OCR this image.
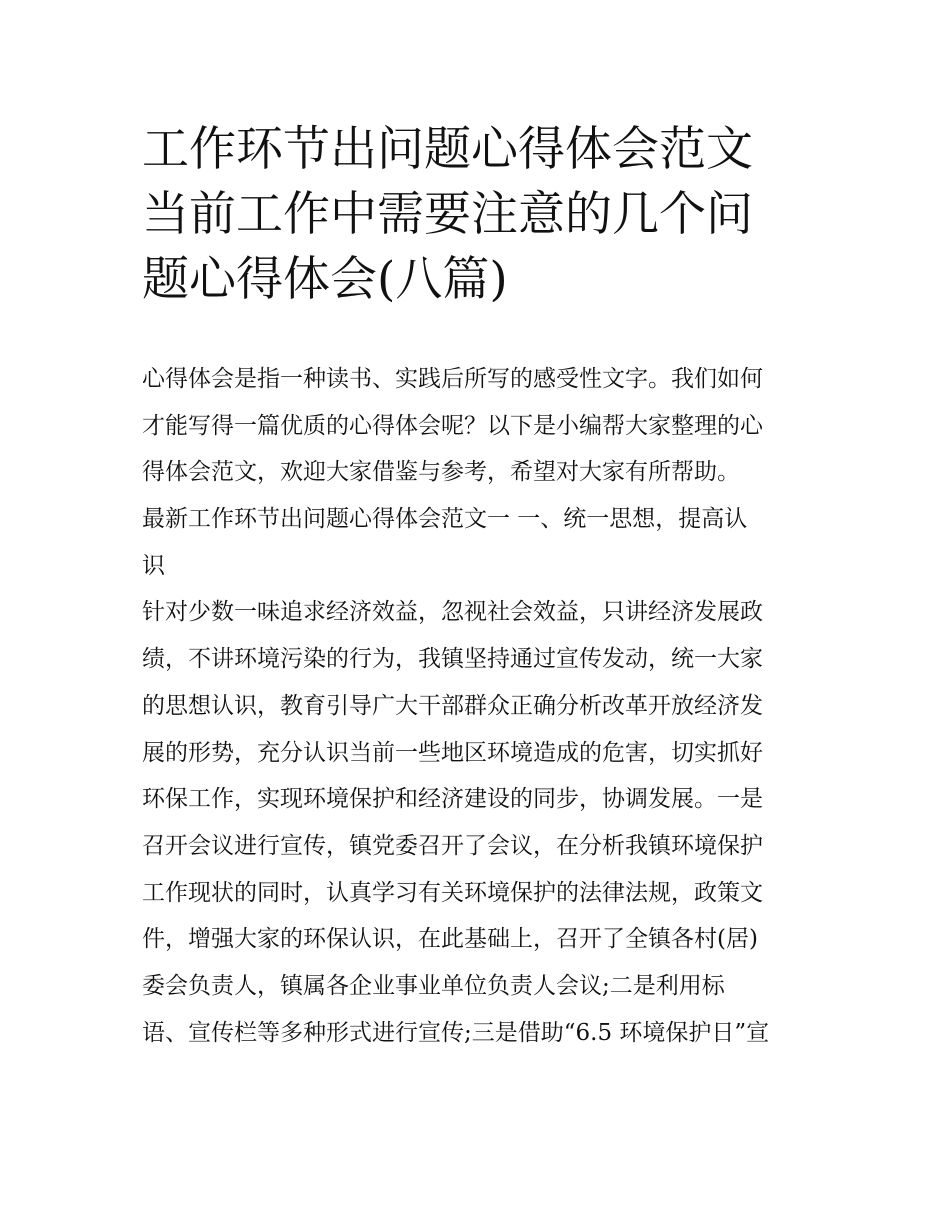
工作环节出问题心得体会范文
当前工作中需要注意的几个问
题心得体会(八篇)
心得体会是指一种读书、实践后所写的感受性文字。我们如何
才能写得一篇优质的心得体会呢？以下是小编帮大家整理的心
得体会范文，欢迎大家借鉴与参考，希望对大家有所帮助。
最新工作环节出问题心得体会范文一 一、统一思想，提高认
识
针对少数一味追求经济效益，忽视社会效益，只讲经济发展政
绩，不讲环境污染的行为，我镇坚持通过宣传发动，统一大家
的思想认识，教育引导广大干部群众正确分析改革开放经济发
展的形势，充分认识当前一些地区环境造成的危害，切实抓好
环保工作，实现环境保护和经济建设的同步，协调发展。一是
召开会议进行宣传，镇党委召开了会议，在分析我镇环境保护
工作现状的同时，认真学习有关环境保护的法律法规，政策文
件，增强大家的环保认识，在此基础上，召开了全镇各村(居)
委会负责人，镇属各企业事业单位负责人会议;二是利用标
语、宣传栏等多种形式进行宣传;三是借助“6.5 环境保护日”宣
